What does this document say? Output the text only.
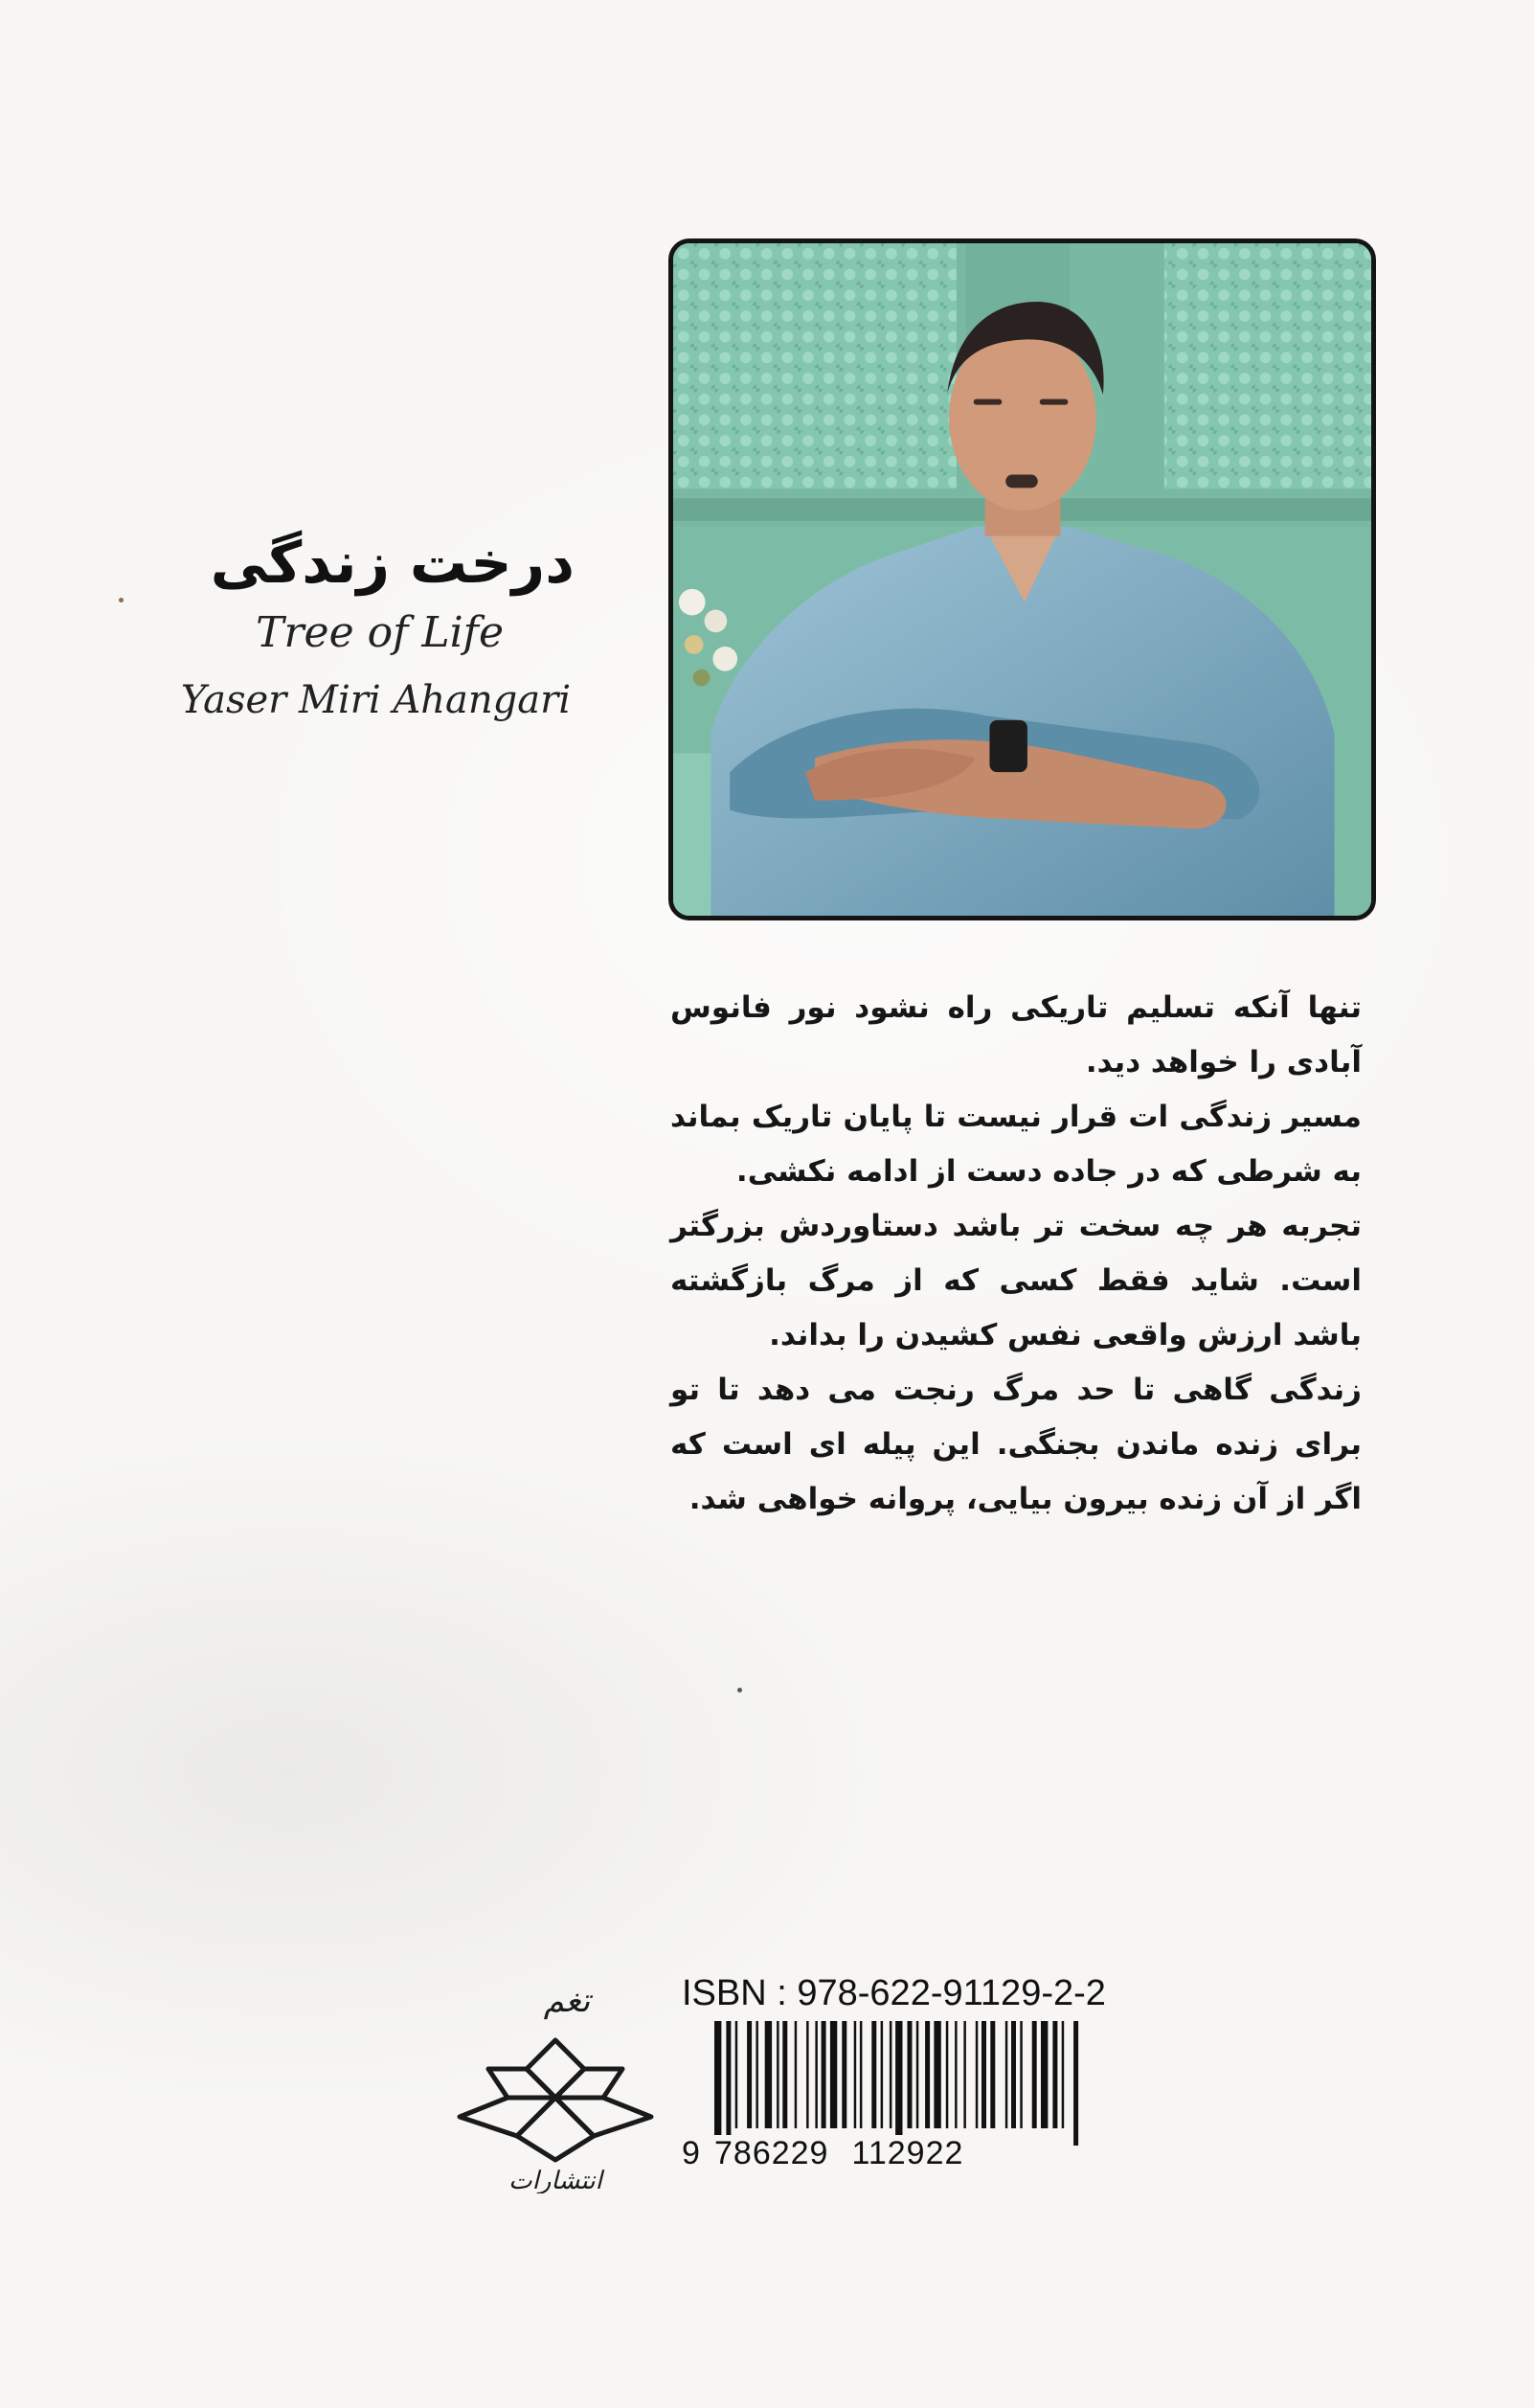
درخت زندگی
Tree of Life
Yaser Miri Ahangari

تنها آنکه تسلیم تاریکی راه نشود نور فانوس آبادی را خواهد دید.

مسیر زندگی ات قرار نیست تا پایان تاریک بماند به شرطی که در جاده دست از ادامه نکشی.

تجربه هر چه سخت تر باشد دستاوردش بزرگتر است. شاید فقط کسی که از مرگ بازگشته باشد ارزش واقعی نفس کشیدن را بداند.

زندگی گاهی تا حد مرگ رنجت می دهد تا تو برای زنده ماندن بجنگی. این پیله ای است که اگر از آن زنده بیرون بیایی، پروانه خواهی شد.

تغم
انتشارات
ISBN : 978-622-91129-2-2
9 786229 112922
